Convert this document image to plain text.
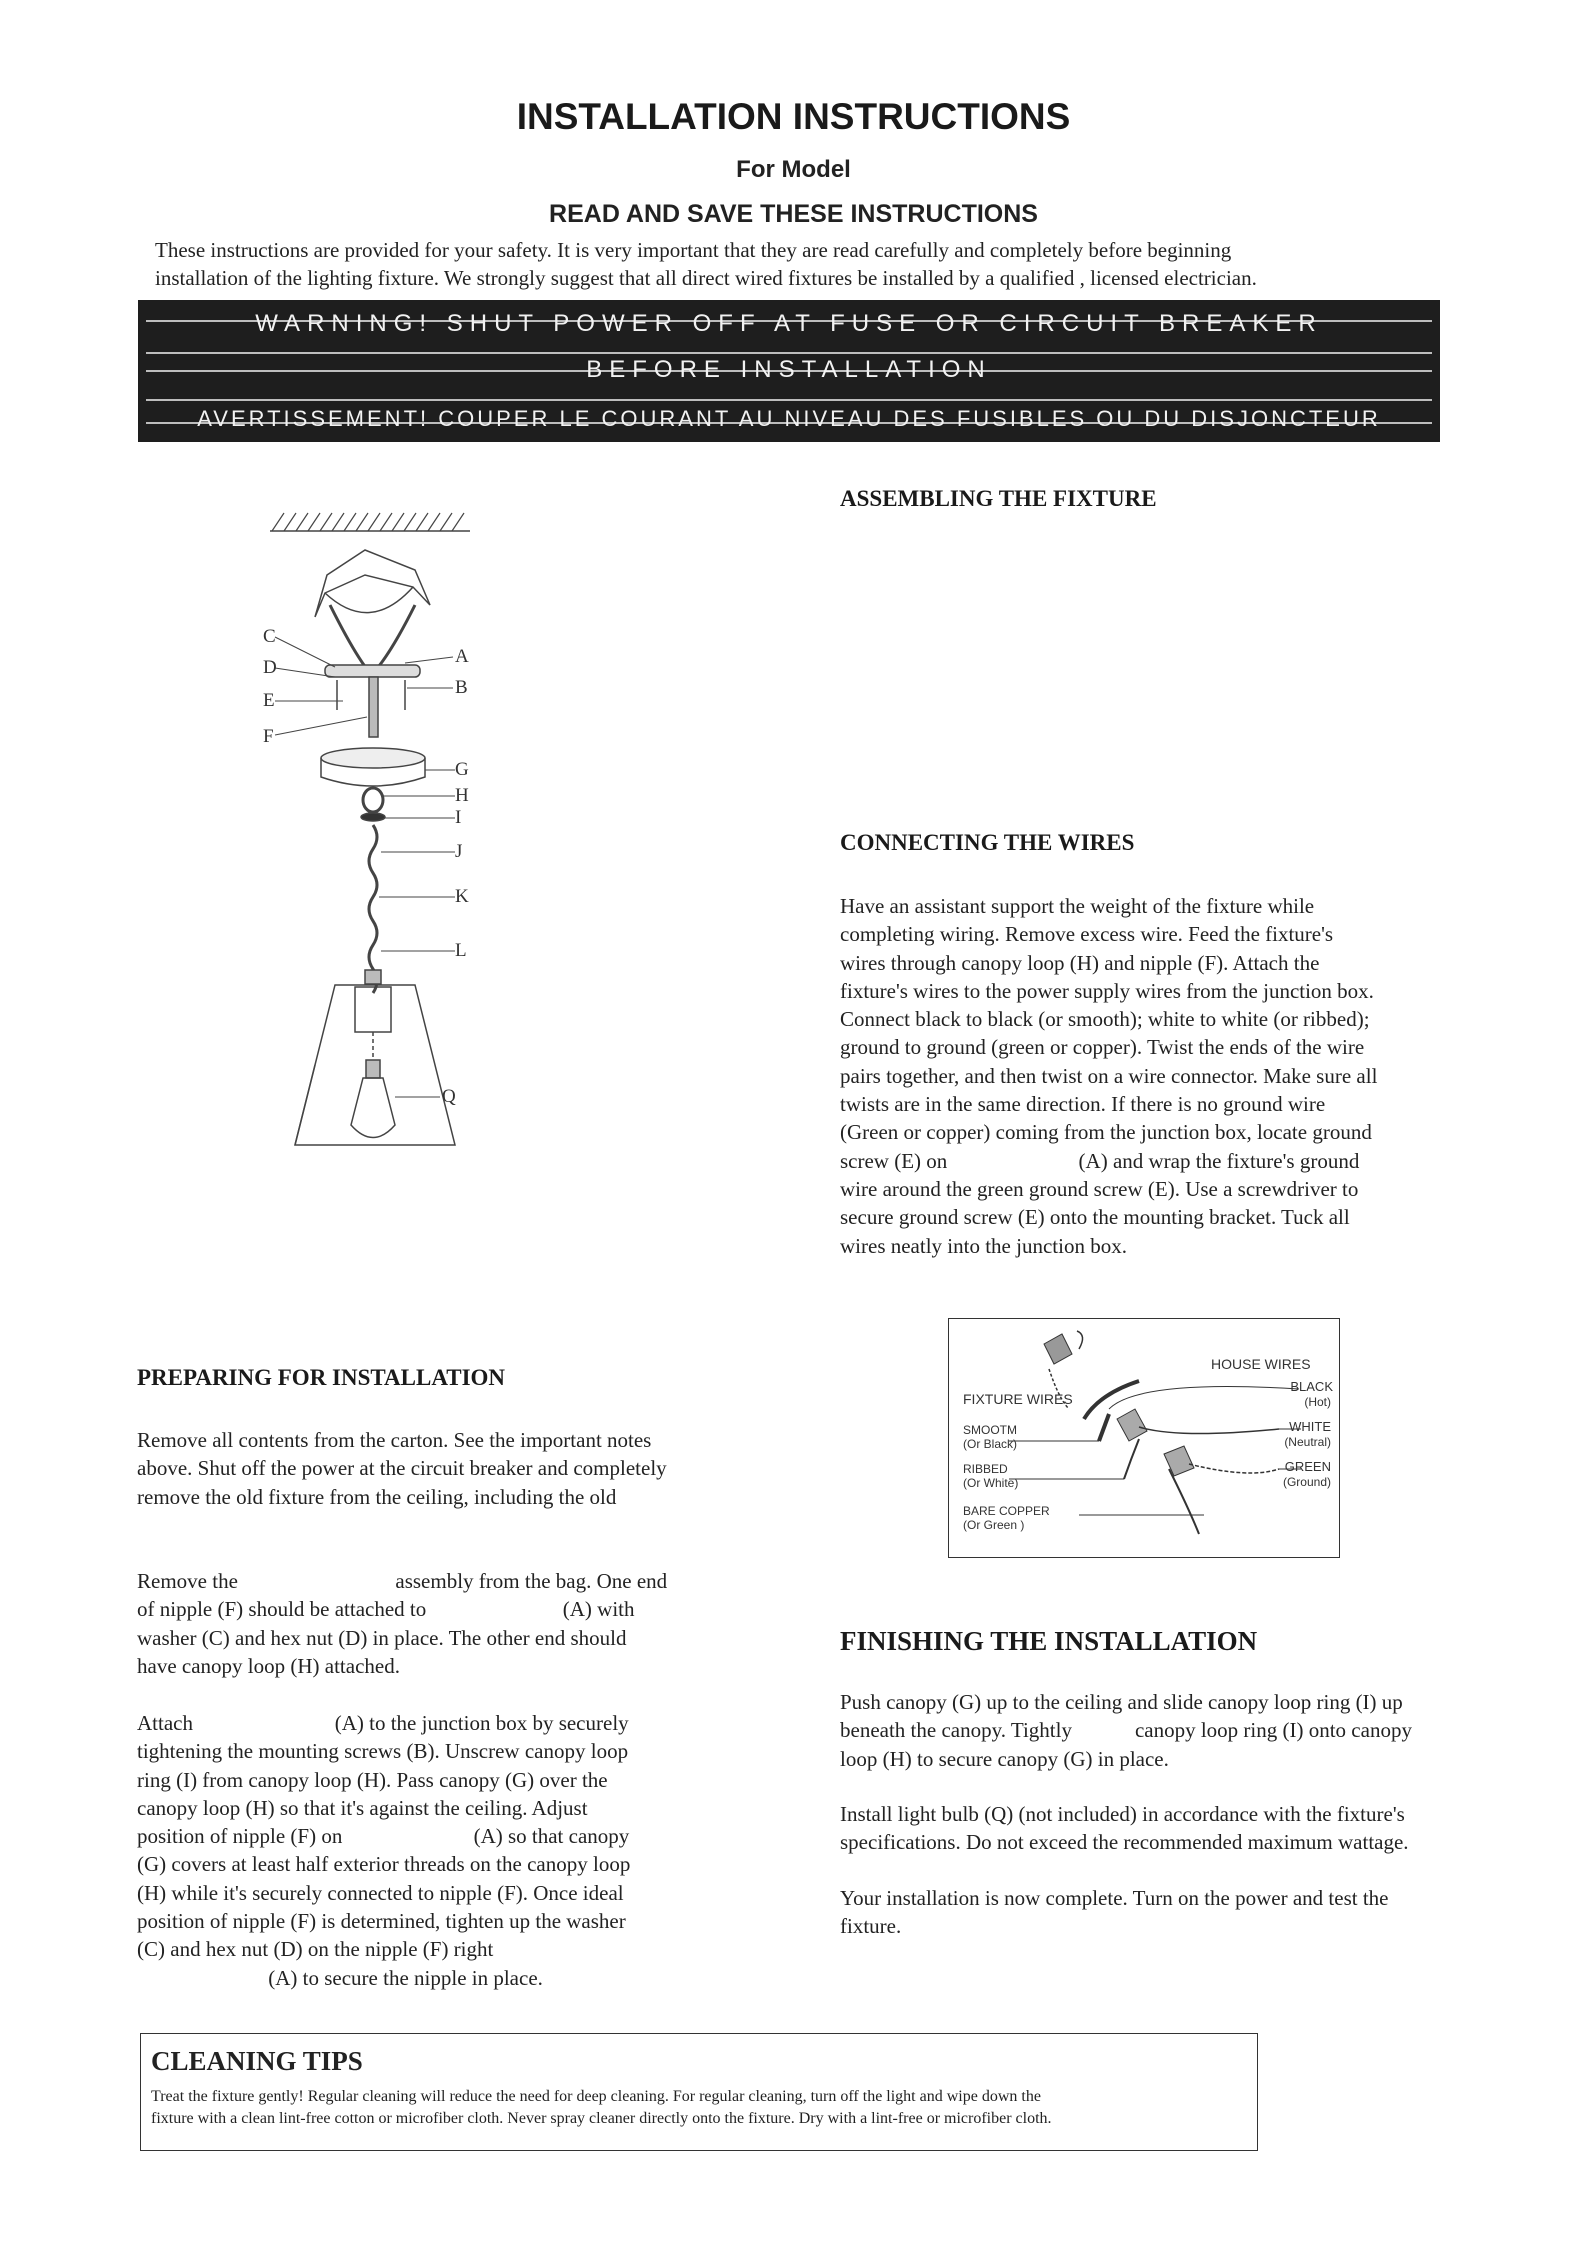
INSTALLATION INSTRUCTIONS
For Model
READ AND SAVE THESE INSTRUCTIONS
These instructions are provided for your safety. It is very important that they are read carefully and completely before beginning
installation of the lighting fixture. We strongly suggest that all direct wired fixtures be installed by a qualified , licensed electrician.
WARNING! SHUT POWER OFF AT FUSE OR CIRCUIT BREAKER
BEFORE INSTALLATION
AVERTISSEMENT! COUPER LE COURANT AU NIVEAU DES FUSIBLES OU DU DISJONCTEUR
C
D
E
F
A
B
G
H
I
J
K
L
Q
ASSEMBLING THE FIXTURE
CONNECTING THE WIRES
Have an assistant support the weight of the fixture while
completing wiring. Remove excess wire. Feed the fixture's
wires through canopy loop (H) and nipple (F). Attach the
fixture's wires to the power supply wires from the junction box.
Connect black to black (or smooth); white to white (or ribbed);
ground to ground (green or copper). Twist the ends of the wire
pairs together, and then twist on a wire connector. Make sure all
twists are in the same direction. If there is no ground wire
(Green or copper) coming from the junction box, locate ground
screw (E) on                         (A) and wrap the fixture's ground
wire around the green ground screw (E). Use a screwdriver to
secure ground screw (E) onto the mounting bracket. Tuck all
wires neatly into the junction box.
HOUSE WIRES
BLACK
(Hot)
WHITE
(Neutral)
GREEN
(Ground)
FIXTURE WIRES
SMOOTM
(Or Black)
RIBBED
(Or White)
BARE COPPER
(Or Green )
PREPARING FOR INSTALLATION
Remove all contents from the carton. See the important notes
above. Shut off the power at the circuit breaker and completely
remove the old fixture from the ceiling, including the old
Remove the                              assembly from the bag. One end
of nipple (F) should be attached to                          (A) with
washer (C) and hex nut (D) in place. The other end should
have canopy loop (H) attached.
Attach                           (A) to the junction box by securely
tightening the mounting screws (B). Unscrew canopy loop
ring (I) from canopy loop (H). Pass canopy (G) over the
canopy loop (H) so that it's against the ceiling. Adjust
position of nipple (F) on                         (A) so that canopy
(G) covers at least half exterior threads on the canopy loop
(H) while it's securely connected to nipple (F). Once ideal
position of nipple (F) is determined, tighten up the washer
(C) and hex nut (D) on the nipple (F) right
(A) to secure the nipple in place.
FINISHING THE INSTALLATION
Push canopy (G) up to the ceiling and slide canopy loop ring (I) up
beneath the canopy. Tightly            canopy loop ring (I) onto canopy
loop (H) to secure canopy (G) in place.
Install light bulb (Q) (not included) in accordance with the fixture's
specifications. Do not exceed the recommended maximum wattage.
Your installation is now complete. Turn on the power and test the
fixture.
CLEANING TIPS
Treat the fixture gently! Regular cleaning will reduce the need for deep cleaning. For regular cleaning, turn off the light and wipe down the
fixture with a clean lint-free cotton or microfiber cloth. Never spray cleaner directly onto the fixture. Dry with a lint-free or microfiber cloth.
